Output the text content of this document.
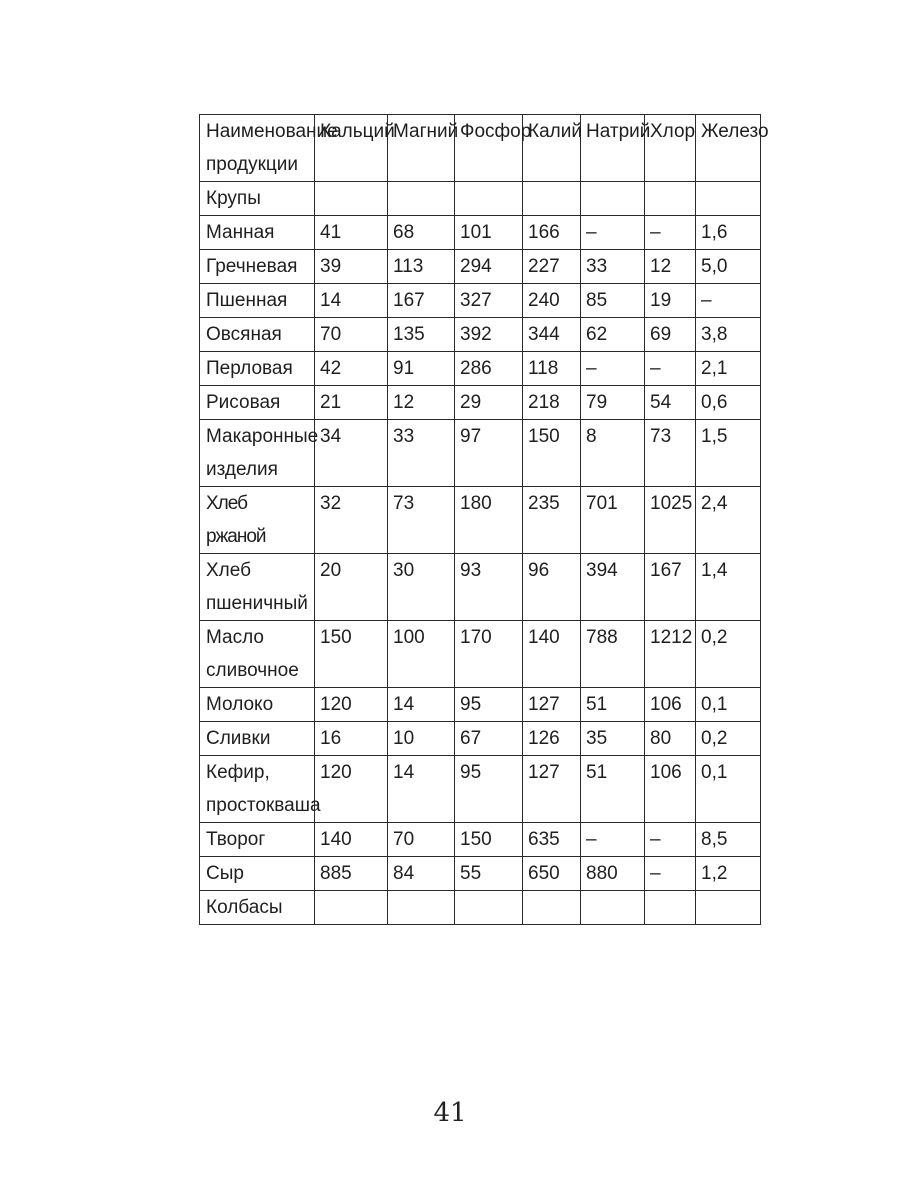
Наименование продукции	Кальций	Магний	Фосфор	Калий	Натрий	Хлор	Железо
Крупы							
Манная	41	68	101	166	–	–	1,6
Гречневая	39	113	294	227	33	12	5,0
Пшенная	14	167	327	240	85	19	–
Овсяная	70	135	392	344	62	69	3,8
Перловая	42	91	286	118	–	–	2,1
Рисовая	21	12	29	218	79	54	0,6
Макаронные изделия	34	33	97	150	8	73	1,5
Хлеб ржаной	32	73	180	235	701	1025	2,4
Хлеб пшеничный	20	30	93	96	394	167	1,4
Масло сливочное	150	100	170	140	788	1212	0,2
Молоко	120	14	95	127	51	106	0,1
Сливки	16	10	67	126	35	80	0,2
Кефир, простокваша	120	14	95	127	51	106	0,1
Творог	140	70	150	635	–	–	8,5
Сыр	885	84	55	650	880	–	1,2
Колбасы							
41
